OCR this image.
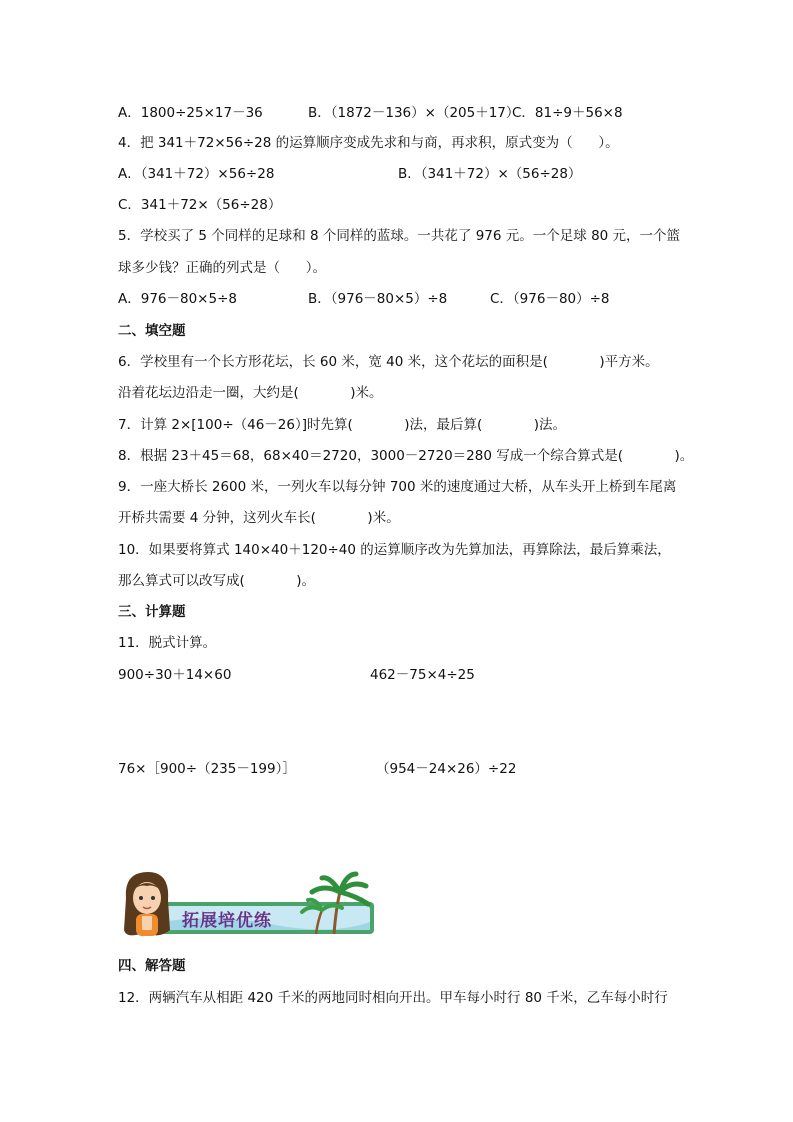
A．1800÷25×17－36	B．（1872－136）×（205＋17）
C．81÷9＋56×8
4．把 341＋72×56÷28 的运算顺序变成先求和与商，再求积，原式变为（      ）。
A．（341＋72）×56÷28	B．（341＋72）×（56÷28）
C．341＋72×（56÷28）
5．学校买了 5 个同样的足球和 8 个同样的蓝球。一共花了 976 元。一个足球 80 元，一个篮
球多少钱？正确的列式是（      ）。
A．976－80×5÷8	B．（976－80×5）÷8	C．（976－80）÷8
二、填空题
6．学校里有一个长方形花坛，长 60 米，宽 40 米，这个花坛的面积是(            )平方米。
沿着花坛边沿走一圈，大约是(            )米。
7．计算 2×[100÷（46－26）]时先算(            )法，最后算(            )法。
8．根据 23＋45＝68，68×40＝2720，3000－2720＝280 写成一个综合算式是(            )。
9．一座大桥长 2600 米，一列火车以每分钟 700 米的速度通过大桥，从车头开上桥到车尾离
开桥共需要 4 分钟，这列火车长(            )米。
10．如果要将算式 140×40＋120÷40 的运算顺序改为先算加法，再算除法，最后算乘法，
那么算式可以改写成(            )。
三、计算题
11．脱式计算。
900÷30＋14×60	462－75×4÷25
76×［900÷（235－199）］	（954－24×26）÷22
拓展培优练
四、解答题
12．两辆汽车从相距 420 千米的两地同时相向开出。甲车每小时行 80 千米，乙车每小时行
